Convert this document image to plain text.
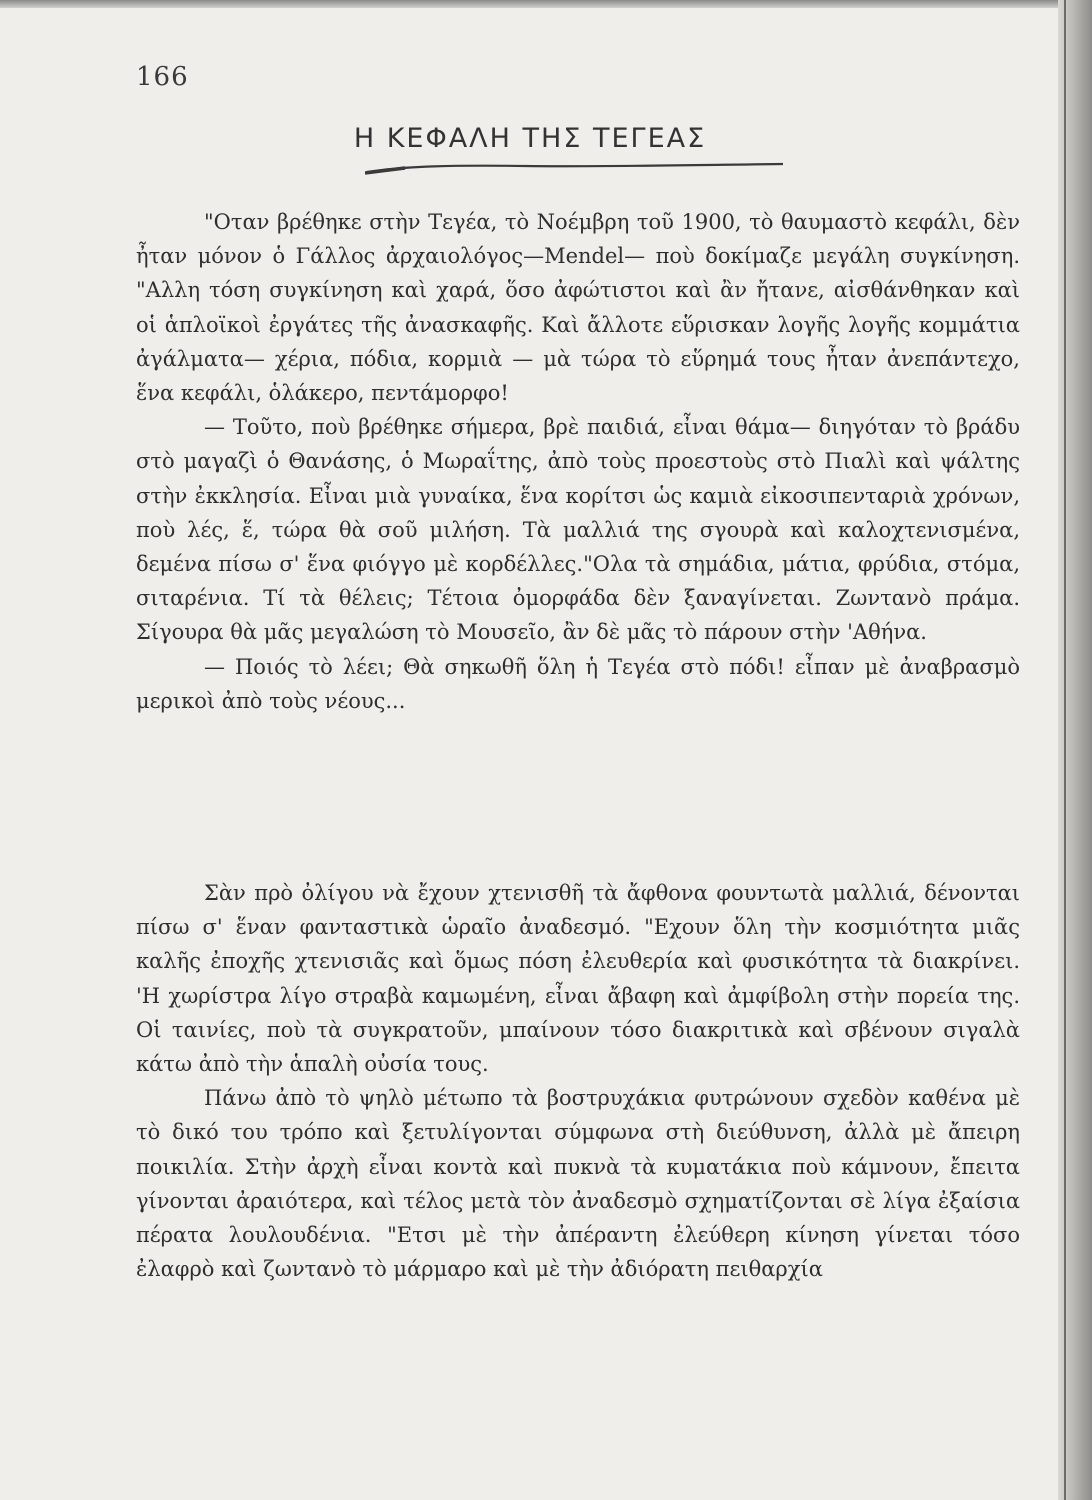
166
Η ΚΕΦΑΛΗ ΤΗΣ ΤΕΓΕΑΣ

"Οταν βρέθηκε στὴν Τεγέα, τὸ Νοέμβρη τοῦ 1900, τὸ θαυμαστὸ κεφάλι, δὲν ἦταν μόνον ὁ Γάλλος ἀρχαιολόγος—Mendel— ποὺ δοκίμαζε μεγάλη συγκίνηση. "Αλλη τόση συγκίνηση καὶ χαρά, ὅσο ἀφώτιστοι καὶ ἂν ἤτανε, αἰσθάνθηκαν καὶ οἱ ἁπλοϊκοὶ ἐργάτες τῆς ἀνασκαφῆς. Καὶ ἄλλοτε εὕρισκαν λογῆς λογῆς κομμάτια ἀγάλματα— χέρια, πόδια, κορμιὰ — μὰ τώρα τὸ εὕρημά τους ἦταν ἀνεπάντεχο, ἕνα κεφάλι, ὁλάκερο, πεντάμορφο!

— Τοῦτο, ποὺ βρέθηκε σήμερα, βρὲ παιδιά, εἶναι θάμα— διηγόταν τὸ βράδυ στὸ μαγαζὶ ὁ Θανάσης, ὁ Μωραΐτης, ἀπὸ τοὺς προεστοὺς στὸ Πιαλὶ καὶ ψάλτης στὴν ἐκκλησία. Εἶναι μιὰ γυναίκα, ἕνα κορίτσι ὡς καμιὰ εἰκοσιπενταριὰ χρόνων, ποὺ λές, ἕ, τώρα θὰ σοῦ μιλήση. Τὰ μαλλιά της σγουρὰ καὶ καλοχτενισμένα, δεμένα πίσω σ' ἕνα φιόγγο μὲ κορδέλλες."Ολα τὰ σημάδια, μάτια, φρύδια, στόμα, σιταρένια. Τί τὰ θέλεις; Τέτοια ὀμορφάδα δὲν ξαναγίνεται. Ζωντανὸ πράμα. Σίγουρα θὰ μᾶς μεγαλώση τὸ Μουσεῖο, ἂν δὲ μᾶς τὸ πάρουν στὴν 'Αθήνα.

— Ποιός τὸ λέει; Θὰ σηκωθῆ ὅλη ἡ Τεγέα στὸ πόδι! εἶπαν μὲ ἀναβρασμὸ μερικοὶ ἀπὸ τοὺς νέους...

Σὰν πρὸ ὀλίγου νὰ ἔχουν χτενισθῆ τὰ ἄφθονα φουντωτὰ μαλλιά, δένονται πίσω σ' ἕναν φανταστικὰ ὡραῖο ἀναδεσμό. "Εχουν ὅλη τὴν κοσμιότητα μιᾶς καλῆς ἐποχῆς χτενισιᾶς καὶ ὅμως πόση ἐλευθερία καὶ φυσικότητα τὰ διακρίνει. 'Η χωρίστρα λίγο στραβὰ καμωμένη, εἶναι ἄβαφη καὶ ἀμφίβολη στὴν πορεία της. Οἱ ταινίες, ποὺ τὰ συγκρατοῦν, μπαίνουν τόσο διακριτικὰ καὶ σβένουν σιγαλὰ κάτω ἀπὸ τὴν ἁπαλὴ οὐσία τους.

Πάνω ἀπὸ τὸ ψηλὸ μέτωπο τὰ βοστρυχάκια φυτρώνουν σχεδὸν καθένα μὲ τὸ δικό του τρόπο καὶ ξετυλίγονται σύμφωνα στὴ διεύθυνση, ἀλλὰ μὲ ἄπειρη ποικιλία. Στὴν ἀρχὴ εἶναι κοντὰ καὶ πυκνὰ τὰ κυματάκια ποὺ κάμνουν, ἔπειτα γίνονται ἀραιότερα, καὶ τέλος μετὰ τὸν ἀναδεσμὸ σχηματίζονται σὲ λίγα ἐξαίσια πέρατα λουλουδένια. "Ετσι μὲ τὴν ἀπέραντη ἐλεύθερη κίνηση γίνεται τόσο ἐλαφρὸ καὶ ζωντανὸ τὸ μάρμαρο καὶ μὲ τὴν ἀδιόρατη πειθαρχία
